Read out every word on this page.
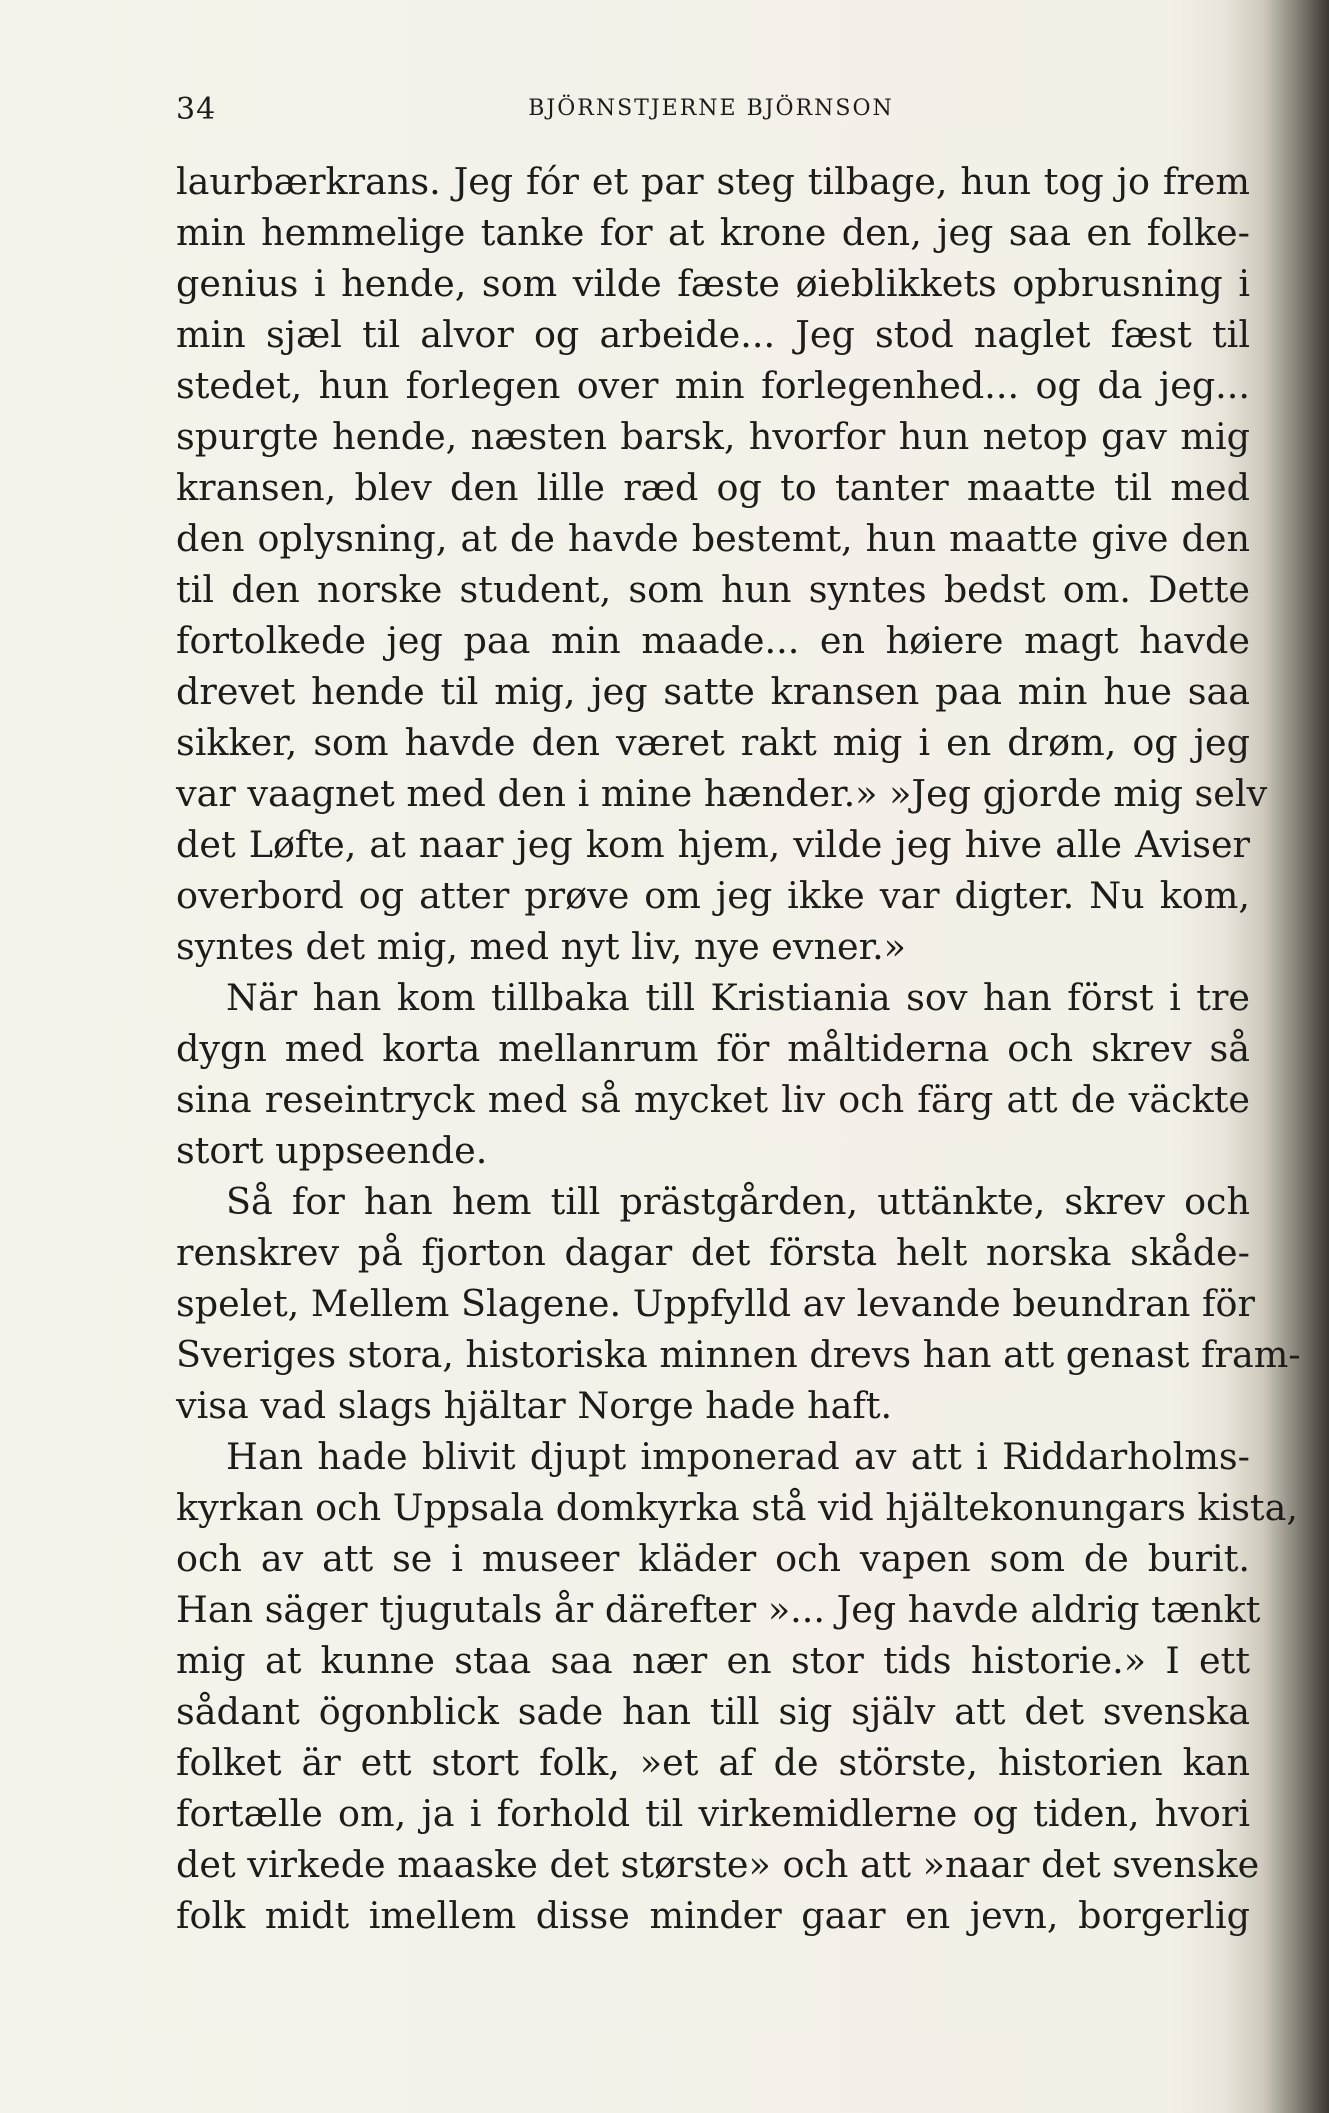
34	BJÖRNSTJERNE BJÖRNSON
laurbærkrans. Jeg fór et par steg tilbage, hun tog jo frem
min hemmelige tanke for at krone den, jeg saa en folke-
genius i hende, som vilde fæste øieblikkets opbrusning i
min sjæl til alvor og arbeide... Jeg stod naglet fæst til
stedet, hun forlegen over min forlegenhed... og da jeg...
spurgte hende, næsten barsk, hvorfor hun netop gav mig
kransen, blev den lille ræd og to tanter maatte til med
den oplysning, at de havde bestemt, hun maatte give den
til den norske student, som hun syntes bedst om. Dette
fortolkede jeg paa min maade... en høiere magt havde
drevet hende til mig, jeg satte kransen paa min hue saa
sikker, som havde den været rakt mig i en drøm, og jeg
var vaagnet med den i mine hænder.» »Jeg gjorde mig selv
det Løfte, at naar jeg kom hjem, vilde jeg hive alle Aviser
overbord og atter prøve om jeg ikke var digter. Nu kom,
syntes det mig, med nyt liv, nye evner.»
När han kom tillbaka till Kristiania sov han först i tre
dygn med korta mellanrum för måltiderna och skrev så
sina reseintryck med så mycket liv och färg att de väckte
stort uppseende.
Så for han hem till prästgården, uttänkte, skrev och
renskrev på fjorton dagar det första helt norska skåde-
spelet, Mellem Slagene. Uppfylld av levande beundran för
Sveriges stora, historiska minnen drevs han att genast fram-
visa vad slags hjältar Norge hade haft.
Han hade blivit djupt imponerad av att i Riddarholms-
kyrkan och Uppsala domkyrka stå vid hjältekonungars kista,
och av att se i museer kläder och vapen som de burit.
Han säger tjugutals år därefter »... Jeg havde aldrig tænkt
mig at kunne staa saa nær en stor tids historie.» I ett
sådant ögonblick sade han till sig själv att det svenska
folket är ett stort folk, »et af de störste, historien kan
fortælle om, ja i forhold til virkemidlerne og tiden, hvori
det virkede maaske det største» och att »naar det svenske
folk midt imellem disse minder gaar en jevn, borgerlig
